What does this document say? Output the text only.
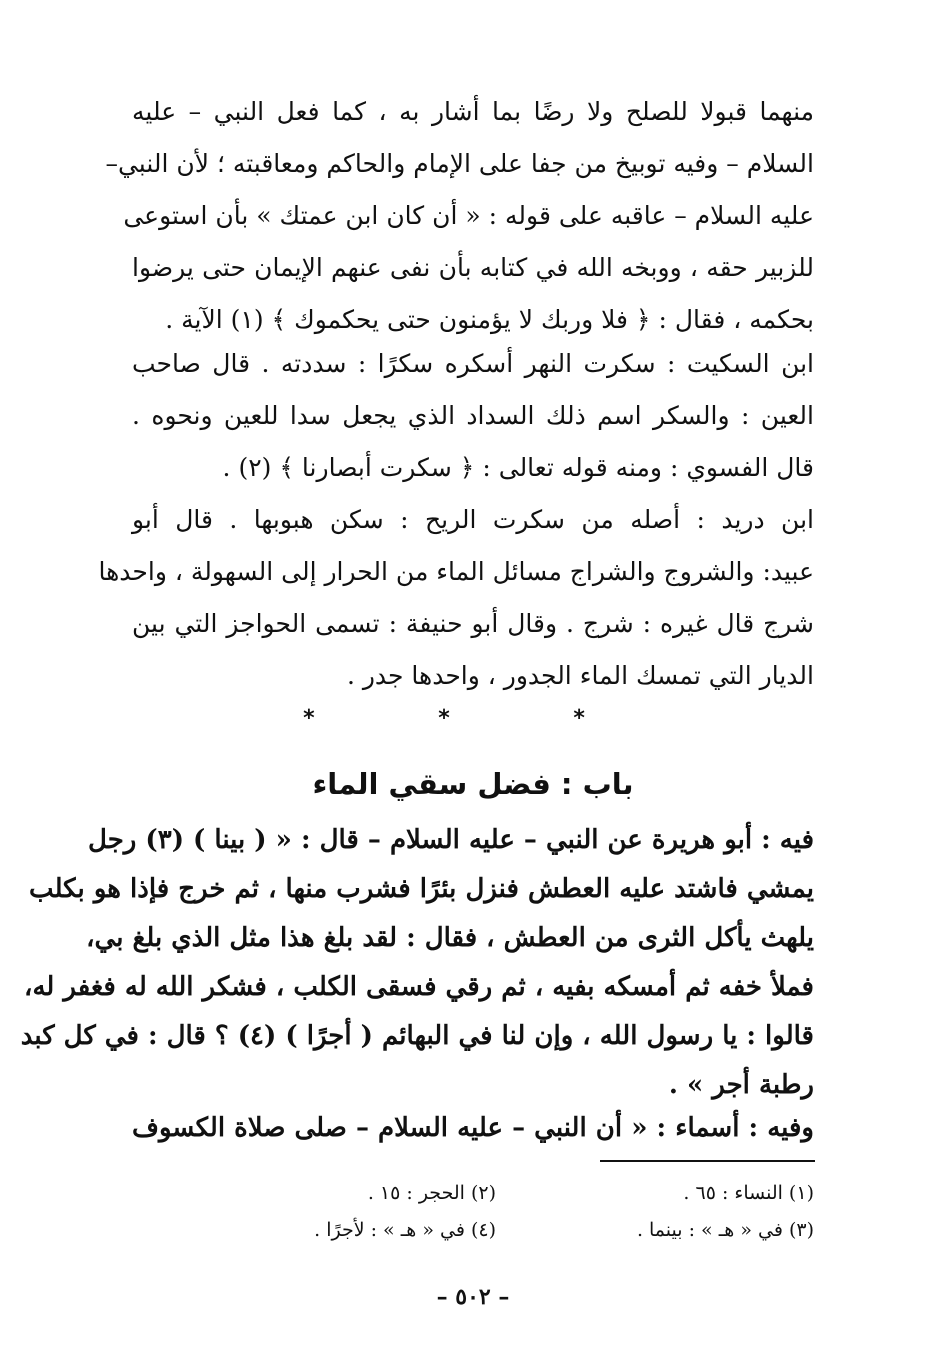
منهما قبولا للصلح ولا رضًا بما أشار به ، كما فعل النبي – عليه
السلام – وفيه توبيخ من جفا على الإمام والحاكم ومعاقبته ؛ لأن النبي–
عليه السلام – عاقبه على قوله : « أن كان ابن عمتك » بأن استوعى
للزبير حقه ، ووبخه الله في كتابه بأن نفى عنهم الإيمان حتى يرضوا
بحكمه ، فقال : ﴿ فلا وربك لا يؤمنون حتى يحكموك ﴾ (١) الآية .
ابن السكيت : سكرت النهر أسكره سكرًا : سددته . قال صاحب
العين : والسكر اسم ذلك السداد الذي يجعل سدا للعين ونحوه .
قال الفسوي : ومنه قوله تعالى : ﴿ سكرت أبصارنا ﴾ (٢) .
ابن دريد : أصله من سكرت الريح : سكن هبوبها . قال أبو
عبيد: والشروج والشراج مسائل الماء من الحرار إلى السهولة ، واحدها
شرج قال غيره : شرج . وقال أبو حنيفة : تسمى الحواجز التي بين
الديار التي تمسك الماء الجدور ، واحدها جدر .
* * *
باب : فضل سقي الماء
فيه : أبو هريرة عن النبي – عليه السلام – قال : « ( بينا ) (٣) رجل
يمشي فاشتد عليه العطش فنزل بئرًا فشرب منها ، ثم خرج فإذا هو بكلب
يلهث يأكل الثرى من العطش ، فقال : لقد بلغ هذا مثل الذي بلغ بي،
فملأ خفه ثم أمسكه بفيه ، ثم رقي فسقى الكلب ، فشكر الله له فغفر له،
قالوا : يا رسول الله ، وإن لنا في البهائم ( أجرًا ) (٤) ؟ قال : في كل كبد
رطبة أجر » .
وفيه : أسماء : « أن النبي – عليه السلام – صلى صلاة الكسوف
(١) النساء : ٦٥ .
(٢) الحجر : ١٥ .
(٣) في « هـ » : بينما .
(٤) في « هـ » : لأجرًا .
– ٥٠٢ –
